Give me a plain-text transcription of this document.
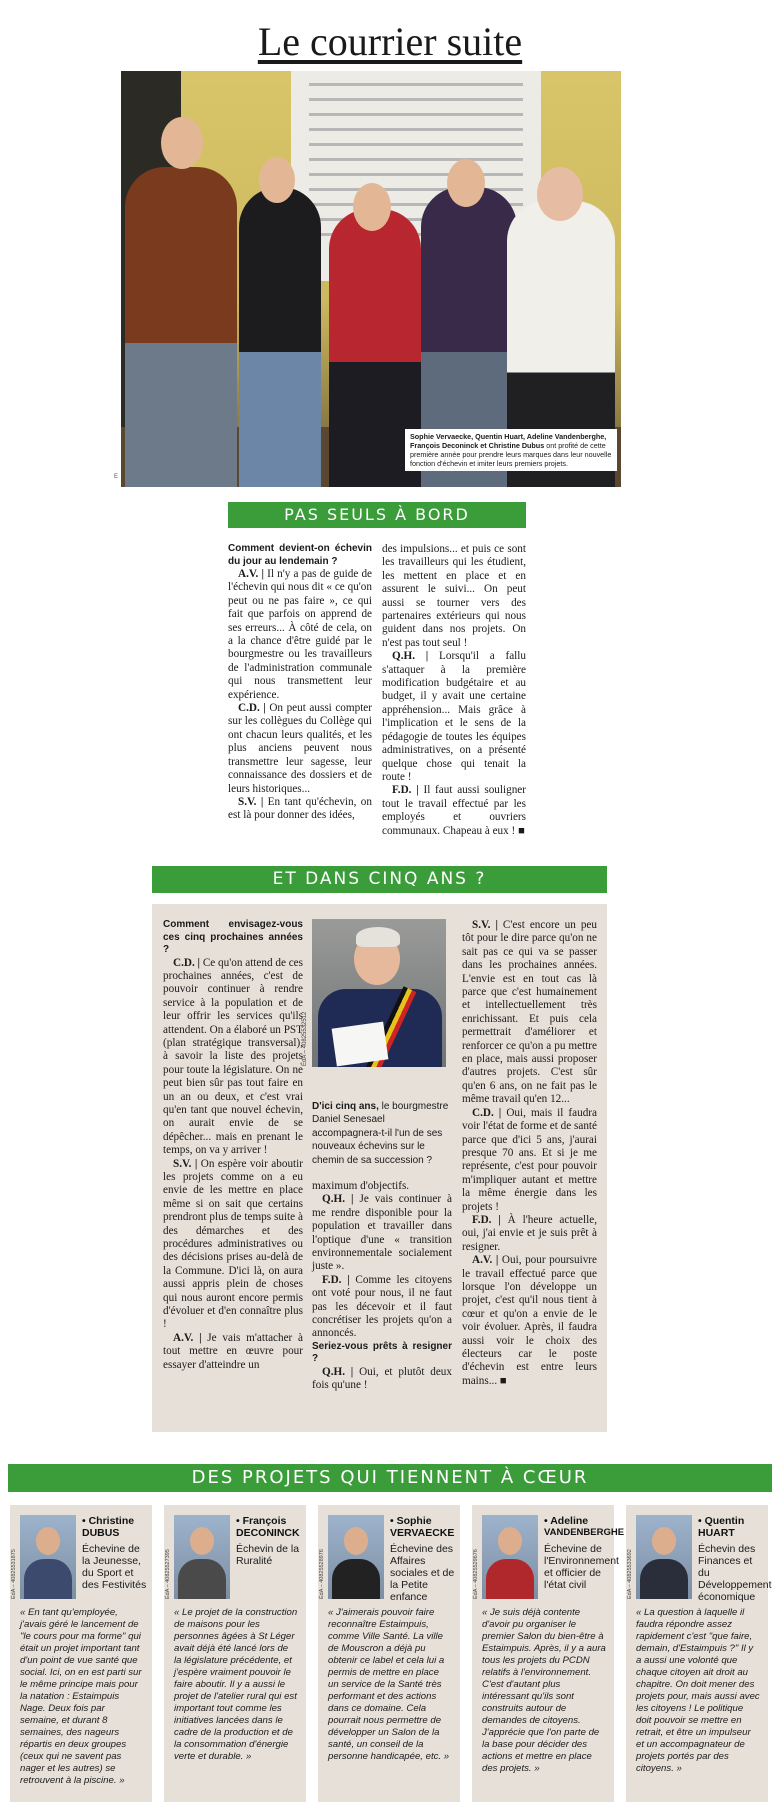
Le courrier suite
Sophie Vervaecke, Quentin Huart, Adeline Vandenberghe, François Deconinck et Christine Dubus ont profité de cette première année pour prendre leurs marques dans leur nouvelle fonction d'échevin et imiter leurs premiers projets.
E
PAS SEULS À BORD
Comment devient-on échevin du jour au lendemain ?

A.V. | Il n'y a pas de guide de l'échevin qui nous dit « ce qu'on peut ou ne pas faire », ce qui fait que parfois on apprend de ses erreurs... À côté de cela, on a la chance d'être guidé par le bourgmestre ou les travailleurs de l'administration communale qui nous transmettent leur expérience.

C.D. | On peut aussi compter sur les collègues du Collège qui ont chacun leurs qualités, et les plus anciens peuvent nous transmettre leur sagesse, leur connaissance des dossiers et de leurs historiques...

S.V. | En tant qu'échevin, on est là pour donner des idées,

des impulsions... et puis ce sont les travailleurs qui les étudient, les mettent en place et en assurent le suivi... On peut aussi se tourner vers des partenaires extérieurs qui nous guident dans nos projets. On n'est pas tout seul !

Q.H. | Lorsqu'il a fallu s'attaquer à la première modification budgétaire et au budget, il y avait une certaine appréhension... Mais grâce à l'implication et le sens de la pédagogie de toutes les équipes administratives, on a présenté quelque chose qui tenait la route !

F.D. | Il faut aussi souligner tout le travail effectué par les employés et ouvriers communaux. Chapeau à eux ! ■

ET DANS CINQ ANS ?
ÉdA – 40825532512
D'ici cinq ans, le bourgmestre Daniel Senesael accompagnera-t-il l'un de ses nouveaux échevins sur le chemin de sa succession ?
Comment envisagez-vous ces cinq prochaines années ?

C.D. | Ce qu'on attend de ces prochaines années, c'est de pouvoir continuer à rendre service à la population et de leur offrir les services qu'ils attendent. On a élaboré un PST (plan stratégique transversal), à savoir la liste des projets pour toute la législature. On ne peut bien sûr pas tout faire en un an ou deux, et c'est vrai qu'en tant que nouvel échevin, on aurait envie de se dépêcher... mais en prenant le temps, on va y arriver !

S.V. | On espère voir aboutir les projets comme on a eu envie de les mettre en place même si on sait que certains prendront plus de temps suite à des démarches et des procédures administratives ou des décisions prises au-delà de la Commune. D'ici là, on aura aussi appris plein de choses qui nous auront encore permis d'évoluer et d'en connaître plus !

A.V. | Je vais m'attacher à tout mettre en œuvre pour essayer d'atteindre un

maximum d'objectifs.

Q.H. | Je vais continuer à me rendre disponible pour la population et travailler dans l'optique d'une « transition environnementale socialement juste ».

F.D. | Comme les citoyens ont voté pour nous, il ne faut pas les décevoir et il faut concrétiser les projets qu'on a annoncés.

Seriez-vous prêts à resigner ?

Q.H. | Oui, et plutôt deux fois qu'une !

S.V. | C'est encore un peu tôt pour le dire parce qu'on ne sait pas ce qui va se passer dans les prochaines années. L'envie est en tout cas là parce que c'est humainement et intellectuellement très enrichissant. Et puis cela permettrait d'améliorer et renforcer ce qu'on a pu mettre en place, mais aussi proposer d'autres projets. C'est sûr qu'en 6 ans, on ne fait pas le même travail qu'en 12...

C.D. | Oui, mais il faudra voir l'état de forme et de santé parce que d'ici 5 ans, j'aurai presque 70 ans. Et si je me représente, c'est pour pouvoir m'impliquer autant et mettre la même énergie dans les projets !

F.D. | À l'heure actuelle, oui, j'ai envie et je suis prêt à resigner.

A.V. | Oui, pour poursuivre le travail effectué parce que lorsque l'on développe un projet, c'est qu'il nous tient à cœur et qu'on a envie de le voir évoluer. Après, il faudra aussi voir le choix des électeurs car le poste d'échevin est entre leurs mains... ■

DES PROJETS QUI TIENNENT À CŒUR
ÉdA – 40825531875
• Christine
DUBUS
Échevine de la Jeunesse, du Sport et des Festivités
« En tant qu'employée, j'avais géré le lancement de "le cours pour ma forme" qui était un projet important tant d'un point de vue santé que social. Ici, on en est parti sur le même principe mais pour la natation : Estaimpuis Nage. Deux fois par semaine, et durant 8 semaines, des nageurs répartis en deux groupes (ceux qui ne savent pas nager et les autres) se retrouvent à la piscine. »
ÉdA – 40825527395
• François
DECONINCK
Échevin de la Ruralité
« Le projet de la construction de maisons pour les personnes âgées à St Léger avait déjà été lancé lors de la législature précédente, et j'espère vraiment pouvoir le faire aboutir. Il y a aussi le projet de l'atelier rural qui est important tout comme les initiatives lancées dans le cadre de la production et de la consommation d'énergie verte et durable. »
ÉdA – 40825528976
• Sophie
VERVAECKE
Échevine des Affaires sociales et de la Petite enfance
« J'aimerais pouvoir faire reconnaître Estaimpuis, comme Ville Santé. La ville de Mouscron a déjà pu obtenir ce label et cela lui a permis de mettre en place un service de la Santé très performant et des actions dans ce domaine. Cela pourrait nous permettre de développer un Salon de la santé, un conseil de la personne handicapée, etc. »
ÉdA – 40825529676
• Adeline
VANDENBERGHE
Échevine de l'Environnement et officier de l'état civil
« Je suis déjà contente d'avoir pu organiser le premier Salon du bien-être à Estaimpuis. Après, il y a aura tous les projets du PCDN relatifs à l'environnement. C'est d'autant plus intéressant qu'ils sont construits autour de demandes de citoyens. J'apprécie que l'on parte de la base pour décider des actions et mettre en place des projets. »
ÉdA – 40825533692
• Quentin
HUART
Échevin des Finances et du Développement économique
« La question à laquelle il faudra répondre assez rapidement c'est "que faire, demain, d'Estaimpuis ?" Il y a aussi une volonté que chaque citoyen ait droit au chapitre. On doit mener des projets pour, mais aussi avec les citoyens ! Le politique doit pouvoir se mettre en retrait, et être un impulseur et un accompagnateur de projets portés par des citoyens. »
